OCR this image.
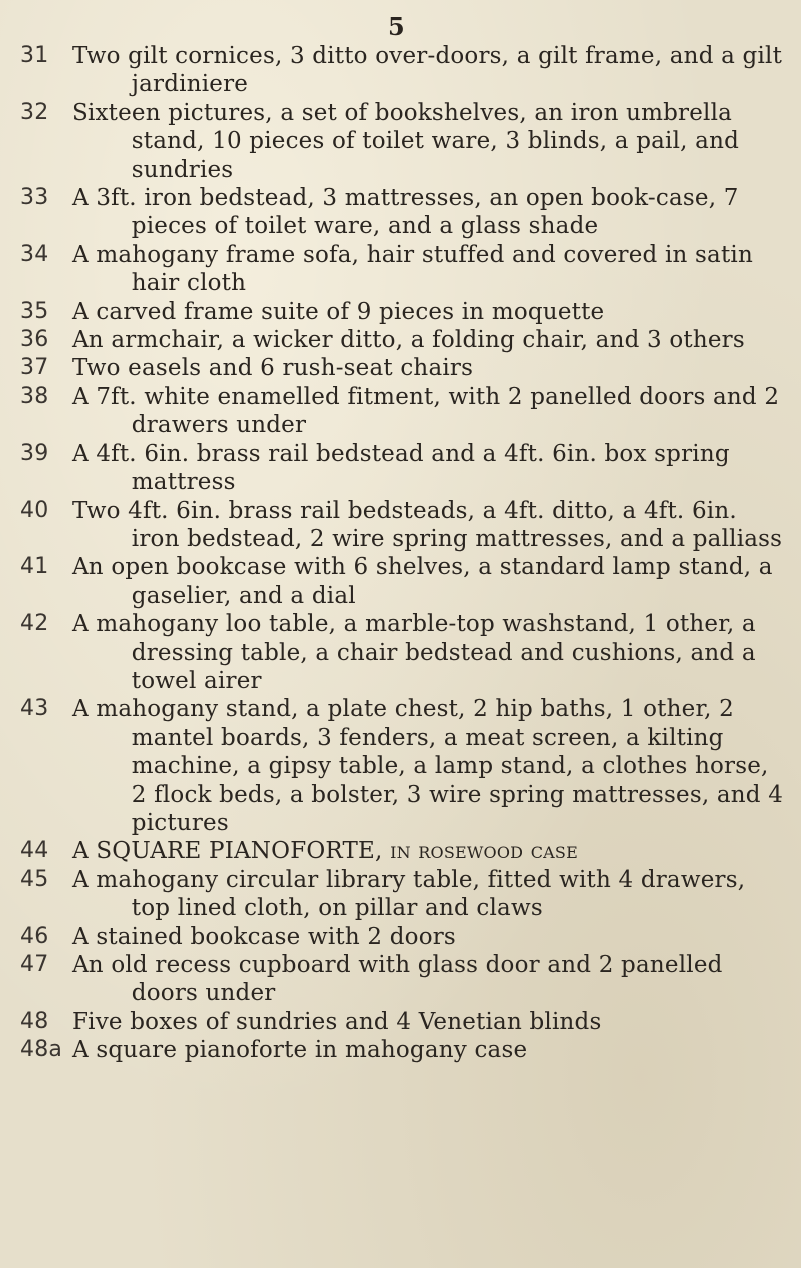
5
31	Two gilt cornices, 3 ditto over-doors, a gilt frame, and a gilt jardiniere
32	Sixteen pictures, a set of bookshelves, an iron umbrella stand, 10 pieces of toilet ware, 3 blinds, a pail, and sundries
33	A 3ft. iron bedstead, 3 mattresses, an open book-case, 7 pieces of toilet ware, and a glass shade
34	A mahogany frame sofa, hair stuffed and covered in satin hair cloth
35	A carved frame suite of 9 pieces in moquette
36	An armchair, a wicker ditto, a folding chair, and 3 others
37	Two easels and 6 rush-seat chairs
38	A 7ft. white enamelled fitment, with 2 panelled doors and 2 drawers under
39	A 4ft. 6in. brass rail bedstead and a 4ft. 6in. box spring mattress
40	Two 4ft. 6in. brass rail bedsteads, a 4ft. ditto, a 4ft. 6in. iron bedstead, 2 wire spring mattresses, and a palliass
41	An open bookcase with 6 shelves, a standard lamp stand, a gaselier, and a dial
42	A mahogany loo table, a marble-top washstand, 1 other, a dressing table, a chair bedstead and cushions, and a towel airer
43	A mahogany stand, a plate chest, 2 hip baths, 1 other, 2 mantel boards, 3 fenders, a meat screen, a kilting machine, a gipsy table, a lamp stand, a clothes horse, 2 flock beds, a bolster, 3 wire spring mattresses, and 4 pictures
44	A SQUARE PIANOFORTE, in rosewood case
45	A mahogany circular library table, fitted with 4 drawers, top lined cloth, on pillar and claws
46	A stained bookcase with 2 doors
47	An old recess cupboard with glass door and 2 panelled doors under
48	Five boxes of sundries and 4 Venetian blinds
48a A square pianoforte in mahogany case
